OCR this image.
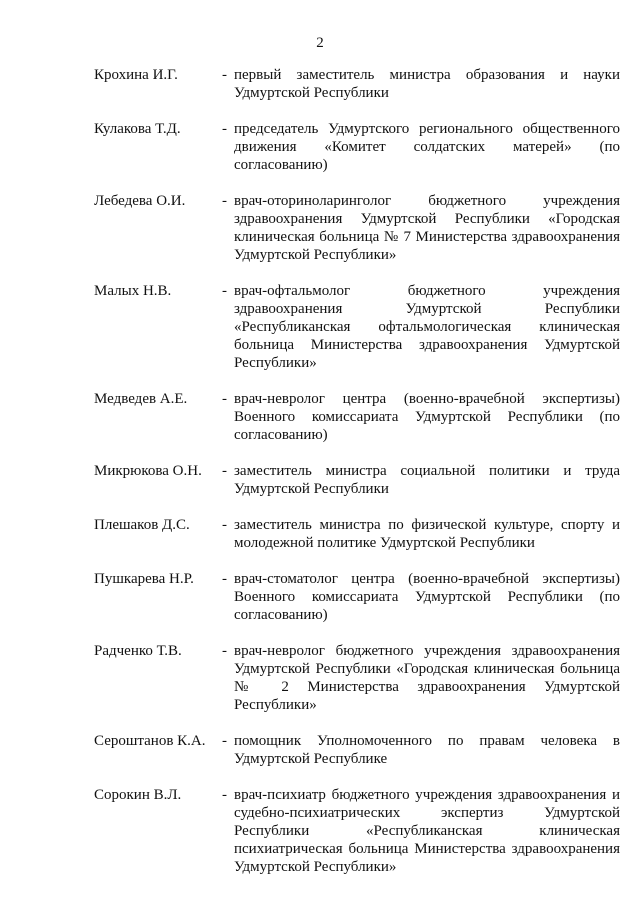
2
Крохина И.Г.	- первый заместитель министра образования и науки Удмуртской Республики
Кулакова Т.Д.	- председатель Удмуртского регионального общественного движения «Комитет солдатских матерей» (по согласованию)
Лебедева О.И.	- врач-оториноларинголог бюджетного учреждения здравоохранения Удмуртской Республики «Городская клиническая больница № 7 Министерства здравоохранения Удмуртской Республики»
Малых Н.В.	- врач-офтальмолог бюджетного учреждения здравоохранения Удмуртской Республики «Республиканская офтальмологическая клиническая больница Министерства здравоохранения Удмуртской Республики»
Медведев А.Е.	- врач-невролог центра (военно-врачебной экспертизы) Военного комиссариата Удмуртской Республики (по согласованию)
Микрюкова О.Н.	- заместитель министра социальной политики и труда Удмуртской Республики
Плешаков Д.С.	- заместитель министра по физической культуре, спорту и молодежной политике Удмуртской Республики
Пушкарева Н.Р.	- врач-стоматолог центра (военно-врачебной экспертизы) Военного комиссариата Удмуртской Республики (по согласованию)
Радченко Т.В.	- врач-невролог бюджетного учреждения здравоохранения Удмуртской Республики «Городская клиническая больница № 2 Министерства здравоохранения Удмуртской Республики»
Сероштанов К.А.	- помощник Уполномоченного по правам человека в Удмуртской Республике
Сорокин В.Л.	- врач-психиатр бюджетного учреждения здравоохранения и судебно-психиатрических экспертиз Удмуртской Республики «Республиканская клиническая психиатрическая больница Министерства здравоохранения Удмуртской Республики»
